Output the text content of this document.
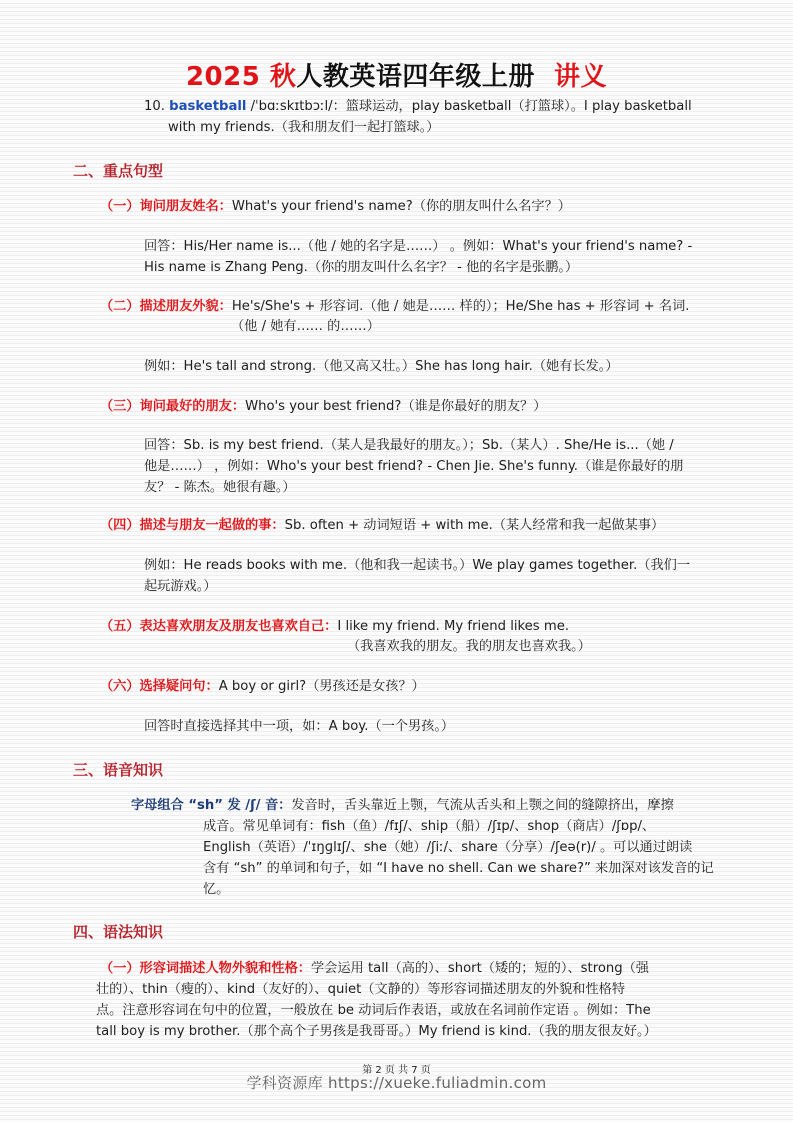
2025 秋人教英语四年级上册 讲义
10. basketball /ˈbɑːskɪtbɔːl/：篮球运动，play basketball（打篮球）。I play basketball
with my friends.（我和朋友们一起打篮球。）
二、重点句型
（一）询问朋友姓名：What's your friend's name?（你的朋友叫什么名字？）
回答：His/Her name is...（他 / 她的名字是……） 。例如：What's your friend's name? -
His name is Zhang Peng.（你的朋友叫什么名字？ - 他的名字是张鹏。）
（二）描述朋友外貌：He's/She's + 形容词.（他 / 她是…… 样的）；He/She has + 形容词 + 名词.
（他 / 她有…… 的……）
例如：He's tall and strong.（他又高又壮。）She has long hair.（她有长发。）
（三）询问最好的朋友：Who's your best friend?（谁是你最好的朋友？）
回答：Sb. is my best friend.（某人是我最好的朋友。）；Sb.（某人）. She/He is...（她 /
他是……） ，例如：Who's your best friend? - Chen Jie. She's funny.（谁是你最好的朋
友？ - 陈杰。她很有趣。）
（四）描述与朋友一起做的事：Sb. often + 动词短语 + with me.（某人经常和我一起做某事）
例如：He reads books with me.（他和我一起读书。）We play games together.（我们一
起玩游戏。）
（五）表达喜欢朋友及朋友也喜欢自己：I like my friend. My friend likes me.
（我喜欢我的朋友。我的朋友也喜欢我。）
（六）选择疑问句：A boy or girl?（男孩还是女孩？）
回答时直接选择其中一项，如：A boy.（一个男孩。）
三、语音知识
字母组合 “sh” 发 /ʃ/ 音：发音时，舌头靠近上颚，气流从舌头和上颚之间的缝隙挤出，摩擦
成音。常见单词有：fish（鱼）/fɪʃ/、ship（船）/ʃɪp/、shop（商店）/ʃɒp/、
English（英语）/ˈɪŋɡlɪʃ/、she（她）/ʃiː/、share（分享）/ʃeə(r)/ 。可以通过朗读
含有 “sh” 的单词和句子，如 “I have no shell. Can we share?” 来加深对该发音的记
忆。
四、语法知识
（一）形容词描述人物外貌和性格：学会运用 tall（高的）、short（矮的；短的）、strong（强
壮的）、thin（瘦的）、kind（友好的）、quiet（文静的）等形容词描述朋友的外貌和性格特
点。注意形容词在句中的位置，一般放在 be 动词后作表语，或放在名词前作定语 。例如：The
tall boy is my brother.（那个高个子男孩是我哥哥。）My friend is kind.（我的朋友很友好。）
第 2 页 共 7 页
学科资源库 https://xueke.fuliadmin.com
